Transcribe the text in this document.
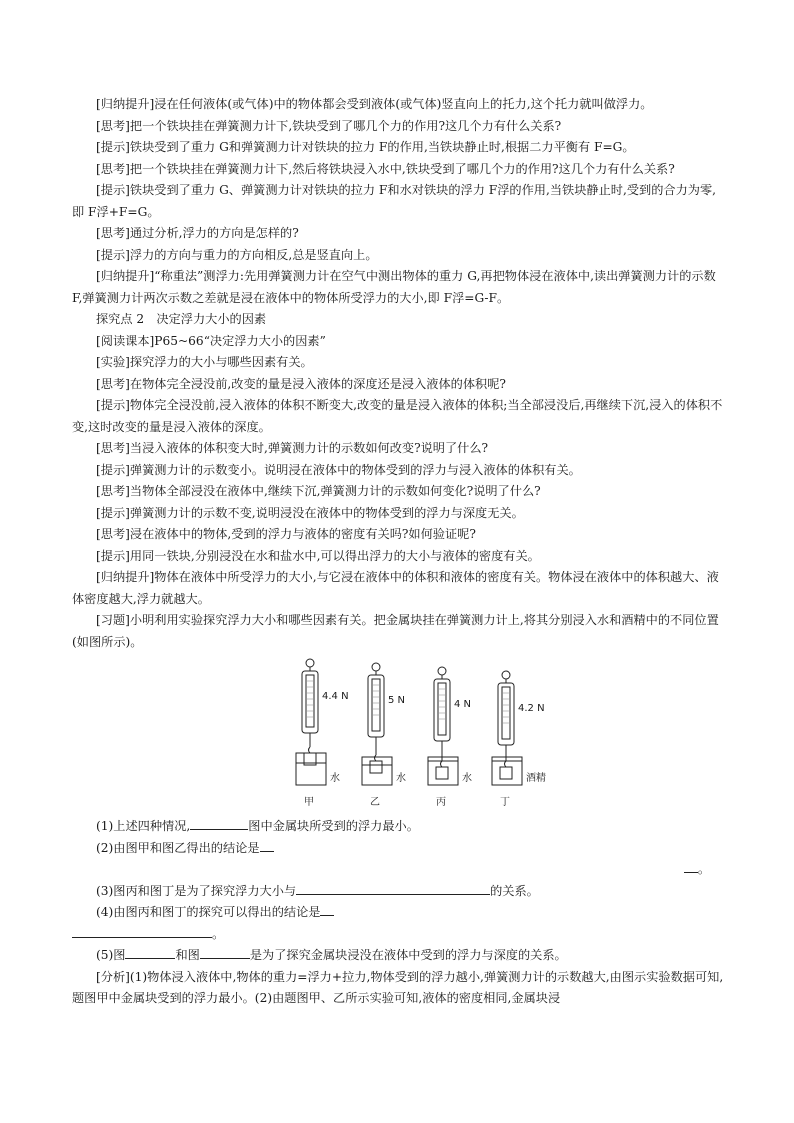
[归纳提升]浸在任何液体(或气体)中的物体都会受到液体(或气体)竖直向上的托力,这个托力就叫做浮力。

[思考]把一个铁块挂在弹簧测力计下,铁块受到了哪几个力的作用?这几个力有什么关系?

[提示]铁块受到了重力 G和弹簧测力计对铁块的拉力 F的作用,当铁块静止时,根据二力平衡有 F=G。

[思考]把一个铁块挂在弹簧测力计下,然后将铁块浸入水中,铁块受到了哪几个力的作用?这几个力有什么关系?

[提示]铁块受到了重力 G、弹簧测力计对铁块的拉力 F和水对铁块的浮力 F浮的作用,当铁块静止时,受到的合力为零,即 F浮+F=G。

[思考]通过分析,浮力的方向是怎样的?

[提示]浮力的方向与重力的方向相反,总是竖直向上。

[归纳提升]“称重法”测浮力:先用弹簧测力计在空气中测出物体的重力 G,再把物体浸在液体中,读出弹簧测力计的示数 F,弹簧测力计两次示数之差就是浸在液体中的物体所受浮力的大小,即 F浮=G-F。

探究点 2　决定浮力大小的因素

[阅读课本]P65~66“决定浮力大小的因素”

[实验]探究浮力的大小与哪些因素有关。

[思考]在物体完全浸没前,改变的量是浸入液体的深度还是浸入液体的体积呢?

[提示]物体完全浸没前,浸入液体的体积不断变大,改变的量是浸入液体的体积;当全部浸没后,再继续下沉,浸入的体积不变,这时改变的量是浸入液体的深度。

[思考]当浸入液体的体积变大时,弹簧测力计的示数如何改变?说明了什么?

[提示]弹簧测力计的示数变小。说明浸在液体中的物体受到的浮力与浸入液体的体积有关。

[思考]当物体全部浸没在液体中,继续下沉,弹簧测力计的示数如何变化?说明了什么?

[提示]弹簧测力计的示数不变,说明浸没在液体中的物体受到的浮力与深度无关。

[思考]浸在液体中的物体,受到的浮力与液体的密度有关吗?如何验证呢?

[提示]用同一铁块,分别浸没在水和盐水中,可以得出浮力的大小与液体的密度有关。

[归纳提升]物体在液体中所受浮力的大小,与它浸在液体中的体积和液体的密度有关。物体浸在液体中的体积越大、液体密度越大,浮力就越大。

[习题]小明利用实验探究浮力大小和哪些因素有关。把金属块挂在弹簧测力计上,将其分别浸入水和酒精中的不同位置(如图所示)。

4.4 N	5 N	4 N	4.2 N
水	水	水	酒精
甲	乙	丙	丁

(1)上述四种情况,	图中金属块所受到的浮力最小。

(2)由图甲和图乙得出的结论是

。

(3)图丙和图丁是为了探究浮力大小与	的关系。

(4)由图丙和图丁的探究可以得出的结论是

。

(5)图	和图	是为了探究金属块浸没在液体中受到的浮力与深度的关系。

[分析](1)物体浸入液体中,物体的重力=浮力+拉力,物体受到的浮力越小,弹簧测力计的示数越大,由图示实验数据可知,题图甲中金属块受到的浮力最小。(2)由题图甲、乙所示实验可知,液体的密度相同,金属块浸
